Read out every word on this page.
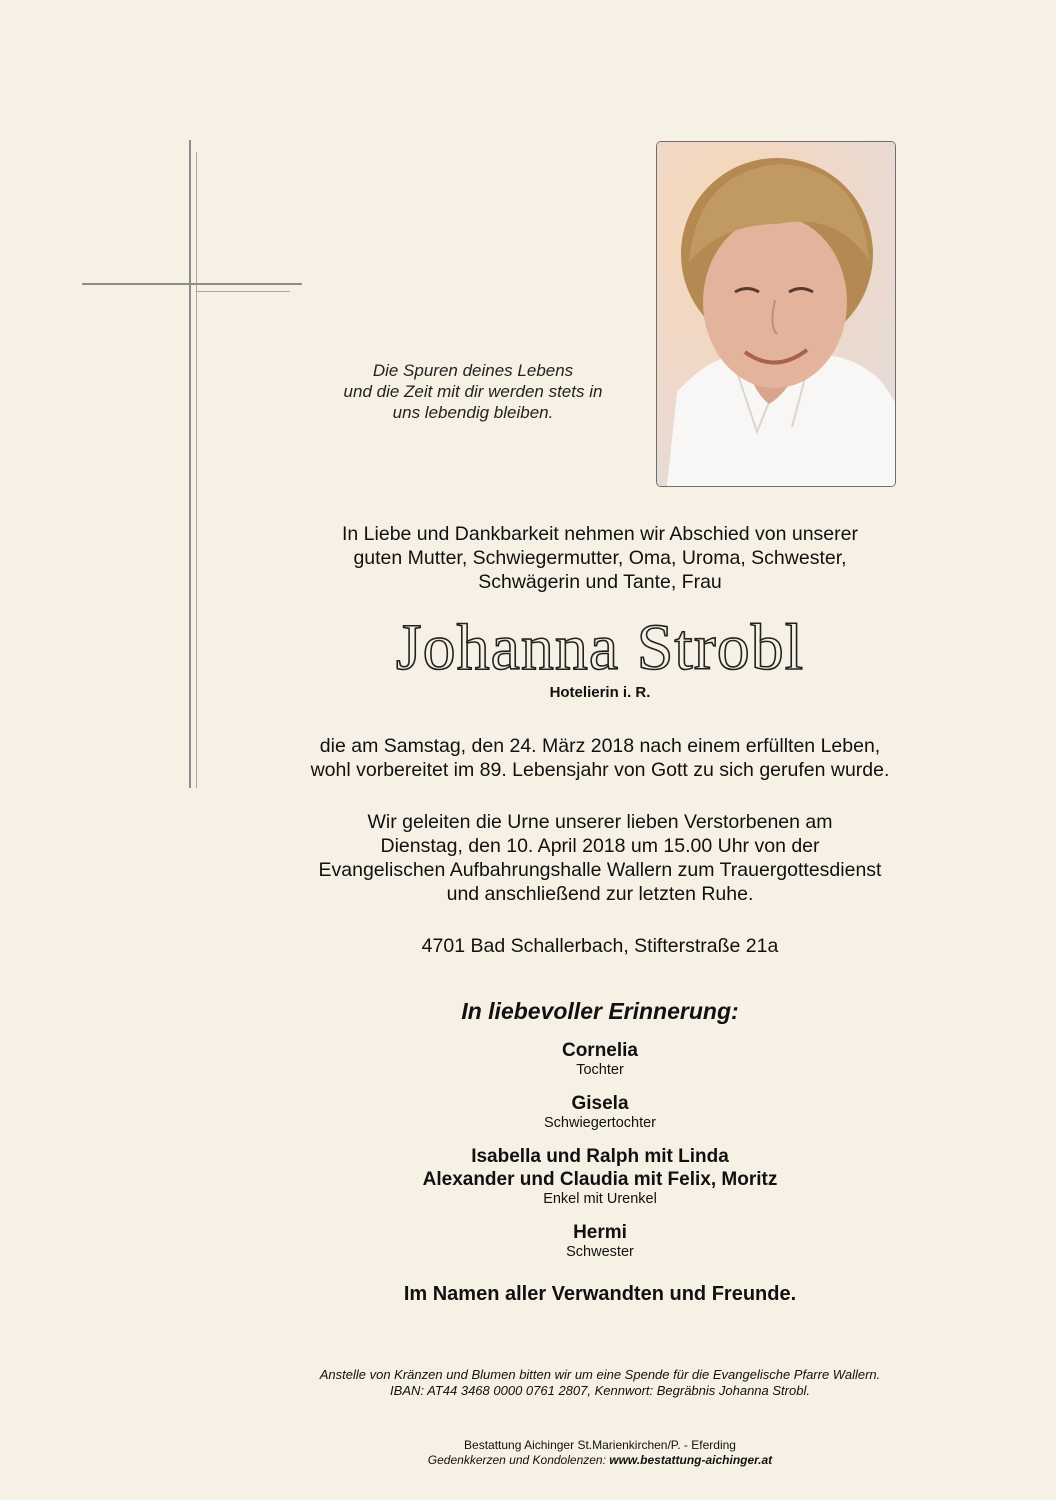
Die Spuren deines Lebens
und die Zeit mit dir werden stets in
uns lebendig bleiben.
In Liebe und Dankbarkeit nehmen wir Abschied von unserer
guten Mutter, Schwiegermutter, Oma, Uroma, Schwester,
Schwägerin und Tante, Frau
Johanna Strobl
Hotelierin i. R.
die am Samstag, den 24. März 2018 nach einem erfüllten Leben,
wohl vorbereitet im 89. Lebensjahr von Gott zu sich gerufen wurde.
Wir geleiten die Urne unserer lieben Verstorbenen am
Dienstag, den 10. April 2018 um 15.00 Uhr von der
Evangelischen Aufbahrungshalle Wallern zum Trauergottesdienst
und anschließend zur letzten Ruhe.
4701 Bad Schallerbach, Stifterstraße 21a
In liebevoller Erinnerung:
Cornelia
Tochter
Gisela
Schwiegertochter
Isabella und Ralph mit Linda
Alexander und Claudia mit Felix, Moritz
Enkel mit Urenkel
Hermi
Schwester
Im Namen aller Verwandten und Freunde.
Anstelle von Kränzen und Blumen bitten wir um eine Spende für die Evangelische Pfarre Wallern.
IBAN: AT44 3468 0000 0761 2807, Kennwort: Begräbnis Johanna Strobl.
Bestattung Aichinger St.Marienkirchen/P. - Eferding
Gedenkkerzen und Kondolenzen: www.bestattung-aichinger.at
